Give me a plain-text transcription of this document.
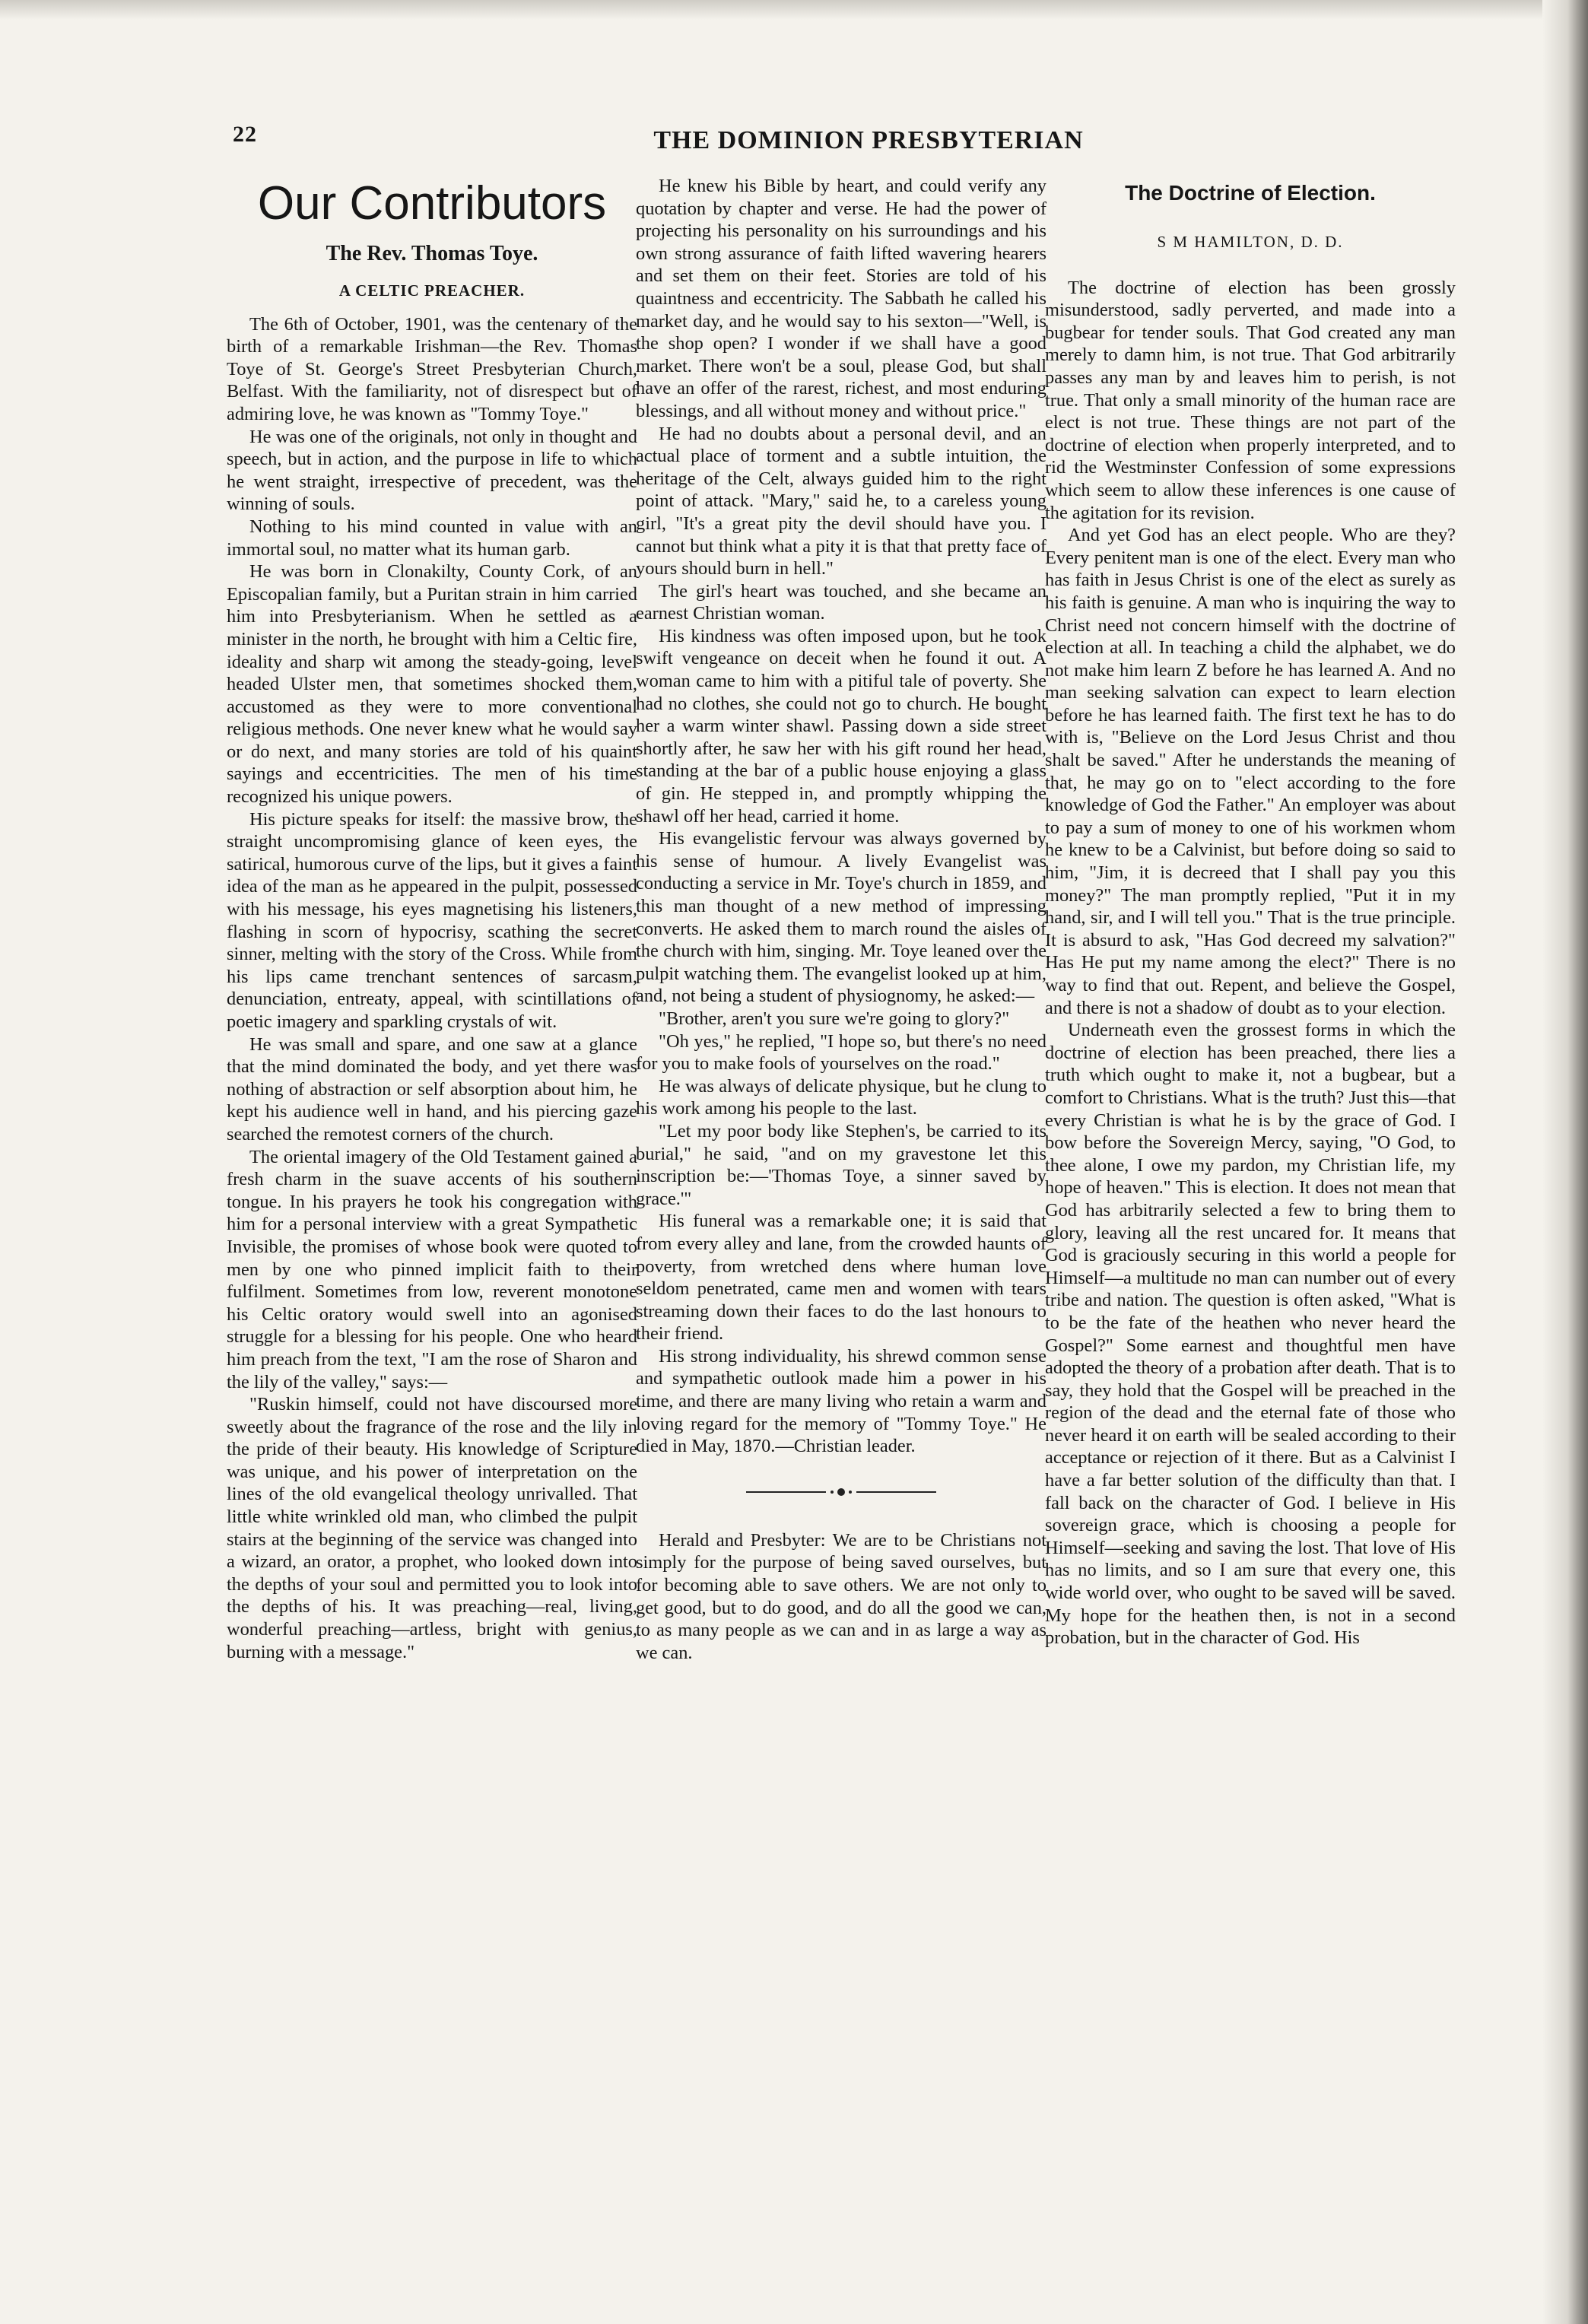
22	THE DOMINION PRESBYTERIAN
Our Contributors
The Rev. Thomas Toye.
A CELTIC PREACHER.

The 6th of October, 1901, was the centenary of the birth of a remarkable Irishman—the Rev. Thomas Toye of St. George's Street Presbyterian Church, Belfast. With the familiarity, not of disrespect but of admiring love, he was known as "Tommy Toye."

He was one of the originals, not only in thought and speech, but in action, and the purpose in life to which he went straight, irrespective of precedent, was the winning of souls.

Nothing to his mind counted in value with an immortal soul, no matter what its human garb.

He was born in Clonakilty, County Cork, of an Episcopalian family, but a Puritan strain in him carried him into Presbyterianism. When he settled as a minister in the north, he brought with him a Celtic fire, ideality and sharp wit among the steady-going, level headed Ulster men, that sometimes shocked them, accustomed as they were to more conventional religious methods. One never knew what he would say or do next, and many stories are told of his quaint sayings and eccentricities. The men of his time recognized his unique powers.

His picture speaks for itself: the massive brow, the straight uncompromising glance of keen eyes, the satirical, humorous curve of the lips, but it gives a faint idea of the man as he appeared in the pulpit, possessed with his message, his eyes magnetising his listeners, flashing in scorn of hypocrisy, scathing the secret sinner, melting with the story of the Cross. While from his lips came trenchant sentences of sarcasm, denunciation, entreaty, appeal, with scintillations of poetic imagery and sparkling crystals of wit.

He was small and spare, and one saw at a glance that the mind dominated the body, and yet there was nothing of abstraction or self absorption about him, he kept his audience well in hand, and his piercing gaze searched the remotest corners of the church.

The oriental imagery of the Old Testament gained a fresh charm in the suave accents of his southern tongue. In his prayers he took his congregation with him for a personal interview with a great Sympathetic Invisible, the promises of whose book were quoted to men by one who pinned implicit faith to their fulfilment. Sometimes from low, reverent monotone his Celtic oratory would swell into an agonised struggle for a blessing for his people. One who heard him preach from the text, "I am the rose of Sharon and the lily of the valley," says:—

"Ruskin himself, could not have discoursed more sweetly about the fragrance of the rose and the lily in the pride of their beauty. His knowledge of Scripture was unique, and his power of interpretation on the lines of the old evangelical theology unrivalled. That little white wrinkled old man, who climbed the pulpit stairs at the beginning of the service was changed into a wizard, an orator, a prophet, who looked down into the depths of your soul and permitted you to look into the depths of his. It was preaching—real, living, wonderful preaching—artless, bright with genius, burning with a message."

He knew his Bible by heart, and could verify any quotation by chapter and verse. He had the power of projecting his personality on his surroundings and his own strong assurance of faith lifted wavering hearers and set them on their feet. Stories are told of his quaintness and eccentricity. The Sabbath he called his market day, and he would say to his sexton—"Well, is the shop open? I wonder if we shall have a good market. There won't be a soul, please God, but shall have an offer of the rarest, richest, and most enduring blessings, and all without money and without price."

He had no doubts about a personal devil, and an actual place of torment and a subtle intuition, the heritage of the Celt, always guided him to the right point of attack. "Mary," said he, to a careless young girl, "It's a great pity the devil should have you. I cannot but think what a pity it is that that pretty face of yours should burn in hell."

The girl's heart was touched, and she became an earnest Christian woman.

His kindness was often imposed upon, but he took swift vengeance on deceit when he found it out. A woman came to him with a pitiful tale of poverty. She had no clothes, she could not go to church. He bought her a warm winter shawl. Passing down a side street shortly after, he saw her with his gift round her head, standing at the bar of a public house enjoying a glass of gin. He stepped in, and promptly whipping the shawl off her head, carried it home.

His evangelistic fervour was always governed by his sense of humour. A lively Evangelist was conducting a service in Mr. Toye's church in 1859, and this man thought of a new method of impressing converts. He asked them to march round the aisles of the church with him, singing. Mr. Toye leaned over the pulpit watching them. The evangelist looked up at him, and, not being a student of physiognomy, he asked:—

"Brother, aren't you sure we're going to glory?"

"Oh yes," he replied, "I hope so, but there's no need for you to make fools of yourselves on the road."

He was always of delicate physique, but he clung to his work among his people to the last.

"Let my poor body like Stephen's, be carried to its burial," he said, "and on my gravestone let this inscription be:—'Thomas Toye, a sinner saved by grace.'"

His funeral was a remarkable one; it is said that from every alley and lane, from the crowded haunts of poverty, from wretched dens where human love seldom penetrated, came men and women with tears streaming down their faces to do the last honours to their friend.

His strong individuality, his shrewd common sense and sympathetic outlook made him a power in his time, and there are many living who retain a warm and loving regard for the memory of "Tommy Toye." He died in May, 1870.—Christian leader.

Herald and Presbyter: We are to be Christians not simply for the purpose of being saved ourselves, but for becoming able to save others. We are not only to get good, but to do good, and do all the good we can, to as many people as we can and in as large a way as we can.

The Doctrine of Election.
S M HAMILTON, D. D.

The doctrine of election has been grossly misunderstood, sadly perverted, and made into a bugbear for tender souls. That God created any man merely to damn him, is not true. That God arbitrarily passes any man by and leaves him to perish, is not true. That only a small minority of the human race are elect is not true. These things are not part of the doctrine of election when properly interpreted, and to rid the Westminster Confession of some expressions which seem to allow these inferences is one cause of the agitation for its revision.

And yet God has an elect people. Who are they? Every penitent man is one of the elect. Every man who has faith in Jesus Christ is one of the elect as surely as his faith is genuine. A man who is inquiring the way to Christ need not concern himself with the doctrine of election at all. In teaching a child the alphabet, we do not make him learn Z before he has learned A. And no man seeking salvation can expect to learn election before he has learned faith. The first text he has to do with is, "Believe on the Lord Jesus Christ and thou shalt be saved." After he understands the meaning of that, he may go on to "elect according to the fore knowledge of God the Father." An employer was about to pay a sum of money to one of his workmen whom he knew to be a Calvinist, but before doing so said to him, "Jim, it is decreed that I shall pay you this money?" The man promptly replied, "Put it in my hand, sir, and I will tell you." That is the true principle. It is absurd to ask, "Has God decreed my salvation?" Has He put my name among the elect?" There is no way to find that out. Repent, and believe the Gospel, and there is not a shadow of doubt as to your election.

Underneath even the grossest forms in which the doctrine of election has been preached, there lies a truth which ought to make it, not a bugbear, but a comfort to Christians. What is the truth? Just this—that every Christian is what he is by the grace of God. I bow before the Sovereign Mercy, saying, "O God, to thee alone, I owe my pardon, my Christian life, my hope of heaven." This is election. It does not mean that God has arbitrarily selected a few to bring them to glory, leaving all the rest uncared for. It means that God is graciously securing in this world a people for Himself—a multitude no man can number out of every tribe and nation. The question is often asked, "What is to be the fate of the heathen who never heard the Gospel?" Some earnest and thoughtful men have adopted the theory of a probation after death. That is to say, they hold that the Gospel will be preached in the region of the dead and the eternal fate of those who never heard it on earth will be sealed according to their acceptance or rejection of it there. But as a Calvinist I have a far better solution of the difficulty than that. I fall back on the character of God. I believe in His sovereign grace, which is choosing a people for Himself—seeking and saving the lost. That love of His has no limits, and so I am sure that every one, this wide world over, who ought to be saved will be saved. My hope for the heathen then, is not in a second probation, but in the character of God. His
